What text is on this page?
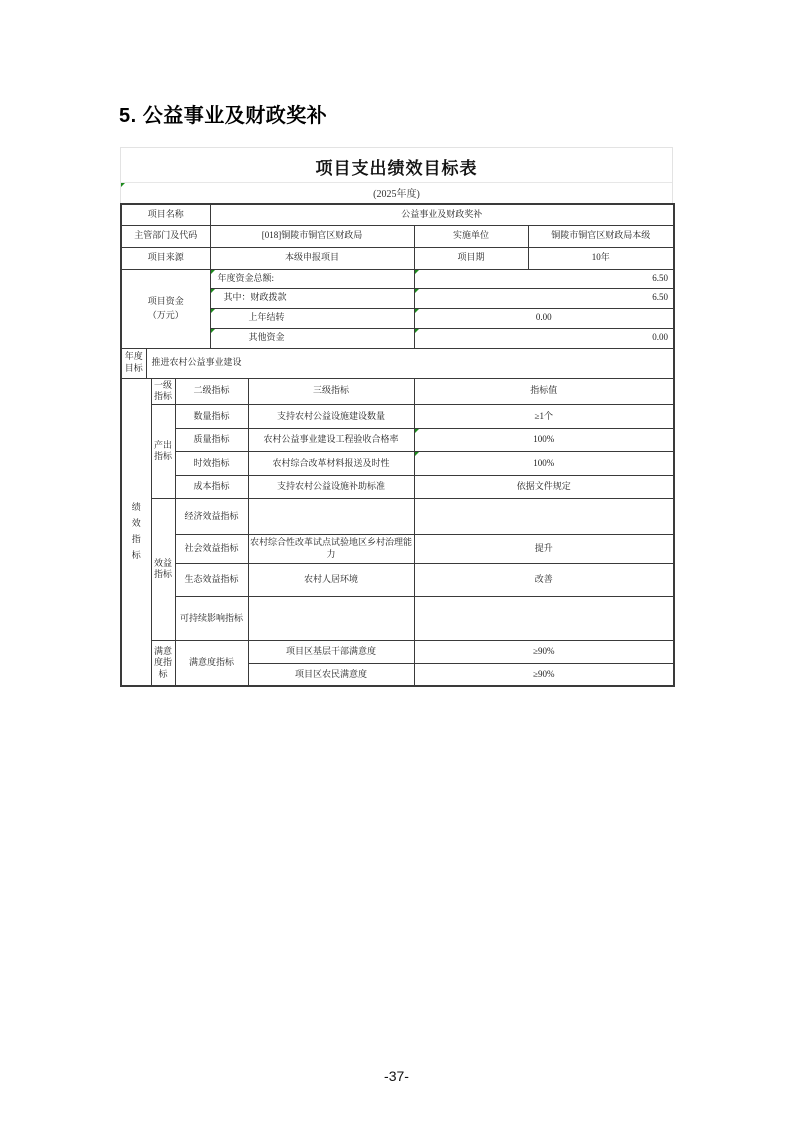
5. 公益事业及财政奖补
项目支出绩效目标表
(2025年度)
项目名称				公益事业及财政奖补			
主管部门及代码				[018]铜陵市铜官区财政局		实施单位	铜陵市铜官区财政局本级
项目来源				本级申报项目		项目期	10年

项目资金
（万元）				年度资金总额:		6.50	

其中：财政拨款		6.50	

上年结转		0.00	

其他资金		0.00	
年度目标	推进农村公益事业建设						

绩效指标		一级指标	二级指标		三级指标	指标值	
		产出指标	数量指标		支持农村公益设施建设数量	≥1个	
			质量指标		农村公益事业建设工程验收合格率	100%	
			时效指标		农村综合改革材料报送及时性	100%	
			成本指标		支持农村公益设施补助标准	依据文件规定	
		效益指标	经济效益指标				
			社会效益指标		农村综合性改革试点试验地区乡村治理能力	提升	
			生态效益指标		农村人居环境	改善	
			可持续影响指标				
		满意度指标	满意度指标		项目区基层干部满意度	≥90%	
					项目区农民满意度	≥90%	
-37-
